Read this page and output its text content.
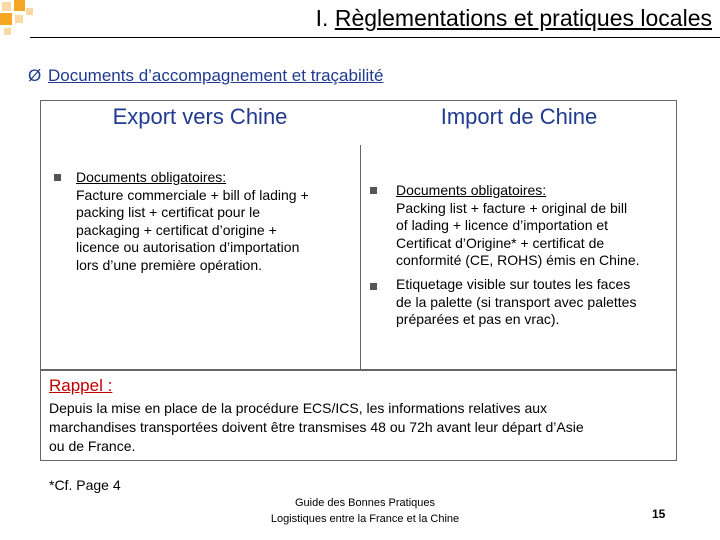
I. Règlementations et pratiques locales
Ø Documents d’accompagnement et traçabilité
Export vers Chine	Import de Chine
Documents obligatoires:
Facture commerciale + bill of lading +
packing list + certificat pour le
packaging + certificat d’origine +
licence ou autorisation d’importation
lors d’une première opération.
Documents obligatoires:
Packing list + facture + original de bill
of lading + licence d’importation et
Certificat d’Origine* + certificat de
conformité (CE, ROHS) émis en Chine.
Etiquetage visible sur toutes les faces
de la palette (si transport avec palettes
préparées et pas en vrac).
Rappel :
Depuis la mise en place de la procédure ECS/ICS, les informations relatives aux
marchandises transportées doivent être transmises 48 ou 72h avant leur départ d’Asie
ou de France.
*Cf. Page 4
Guide des Bonnes Pratiques
Logistiques entre la France et la Chine	15
